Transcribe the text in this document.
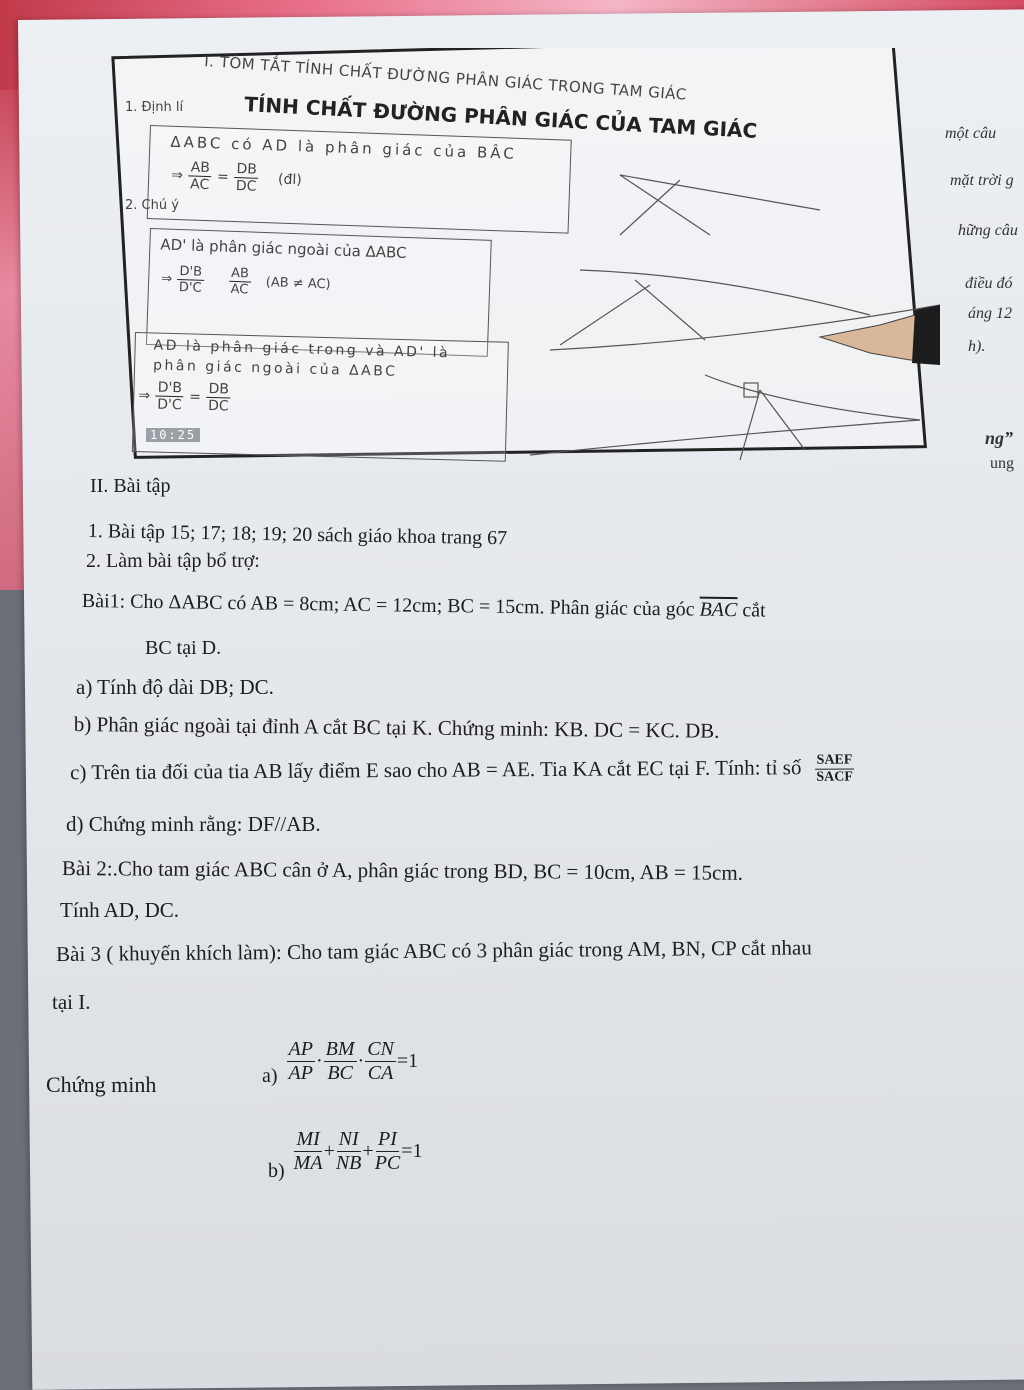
I. TÓM TẮT TÍNH CHẤT ĐƯỜNG PHÂN GIÁC TRONG TAM GIÁC
TÍNH CHẤT ĐƯỜNG PHÂN GIÁC CỦA TAM GIÁC
1. Định lí
ΔABC có AD là phân giác của BÂC
⇒ $\frac{AB}{AC} = \frac{DB}{DC}$ (đl)
2. Chú ý
AD' là phân giác ngoài của ΔABC
⇒ $\frac{D'B}{D'C}$
$\frac{AB}{AC} (AB \ne AC)$
AD là phân giác trong và AD' là
phân giác ngoài của ΔABC
⇒ $\frac{D'B}{D'C} = \frac{DB}{DC}$
10:25
một câu
mặt trời g
hững câu
điều đó
áng 12
h).
ng”
ung
II. Bài tập
1. Bài tập 15; 17; 18; 19; 20 sách giáo khoa trang 67
2. Làm bài tập bổ trợ:
Bài1: Cho ΔABC có AB = 8cm; AC = 12cm; BC = 15cm. Phân giác của góc $\overline{BAC}$ cắt
BC tại D.
a) Tính độ dài DB; DC.
b) Phân giác ngoài tại đỉnh A cắt BC tại K. Chứng minh: KB. DC = KC. DB.
c) Trên tia đối của tia AB lấy điểm E sao cho AB = AE. Tia KA cắt EC tại F. Tính: tỉ số $\frac{\text{SAEF}}{\text{SACF}}$
d) Chứng minh rằng: DF//AB.
Bài 2:.Cho tam giác ABC cân ở A, phân giác trong BD, BC = 10cm, AB = 15cm.
Tính AD, DC.
Bài 3 ( khuyến khích làm): Cho tam giác ABC có 3 phân giác trong AM, BN, CP cắt nhau
tại I.
Chứng minh	$a) \frac{AP}{AP} \cdot \frac{BM}{BC} \cdot \frac{CN}{CA} =1$
$b) \frac{MI}{MA} + \frac{NI}{NB} + \frac{PI}{PC} =1$
